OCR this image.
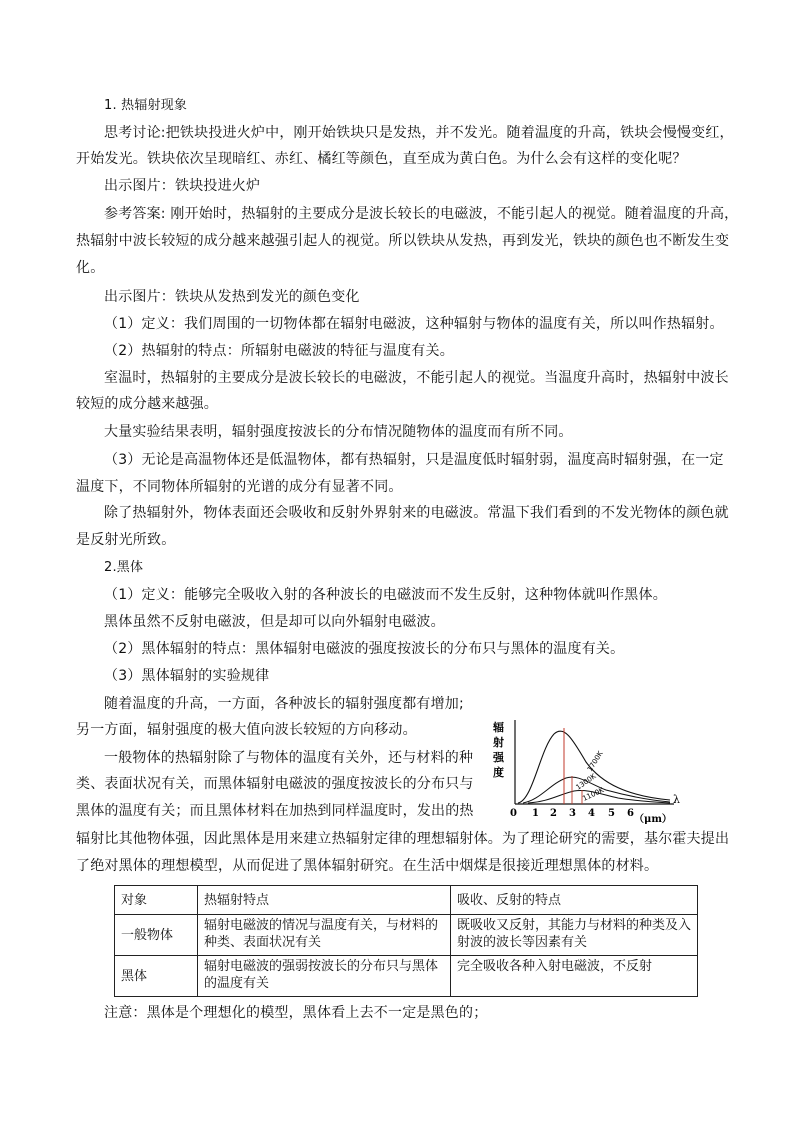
1. 热辐射现象
思考讨论:把铁块投进火炉中，刚开始铁块只是发热，并不发光。随着温度的升高，铁块会慢慢变红，
开始发光。铁块依次呈现暗红、赤红、橘红等颜色，直至成为黄白色。为什么会有这样的变化呢？
出示图片：铁块投进火炉
参考答案: 刚开始时，热辐射的主要成分是波长较长的电磁波，不能引起人的视觉。随着温度的升高，
热辐射中波长较短的成分越来越强引起人的视觉。所以铁块从发热，再到发光，铁块的颜色也不断发生变
化。
出示图片：铁块从发热到发光的颜色变化
（1）定义：我们周围的一切物体都在辐射电磁波，这种辐射与物体的温度有关，所以叫作热辐射。
（2）热辐射的特点：所辐射电磁波的特征与温度有关。
室温时，热辐射的主要成分是波长较长的电磁波，不能引起人的视觉。当温度升高时，热辐射中波长
较短的成分越来越强。
大量实验结果表明，辐射强度按波长的分布情况随物体的温度而有所不同。
（3）无论是高温物体还是低温物体，都有热辐射，只是温度低时辐射弱，温度高时辐射强，在一定
温度下，不同物体所辐射的光谱的成分有显著不同。
除了热辐射外，物体表面还会吸收和反射外界射来的电磁波。常温下我们看到的不发光物体的颜色就
是反射光所致。
2.黑体
（1）定义：能够完全吸收入射的各种波长的电磁波而不发生反射，这种物体就叫作黑体。
黑体虽然不反射电磁波，但是却可以向外辐射电磁波。
（2）黑体辐射的特点：黑体辐射电磁波的强度按波长的分布只与黑体的温度有关。
（3）黑体辐射的实验规律
随着温度的升高，一方面，各种波长的辐射强度都有增加;
另一方面，辐射强度的极大值向波长较短的方向移动。
一般物体的热辐射除了与物体的温度有关外，还与材料的种
类、表面状况有关，而黑体辐射电磁波的强度按波长的分布只与
黑体的温度有关；而且黑体材料在加热到同样温度时，发出的热
辐射比其他物体强，因此黑体是用来建立热辐射定律的理想辐射体。为了理论研究的需要，基尔霍夫提出
了绝对黑体的理想模型，从而促进了黑体辐射研究。在生活中烟煤是很接近理想黑体的材料。
辐
射
强
度	1700K
1300K
1100K	λ
0 1 2 3 4 5 6
（μm）
对象	热辐射特点	吸收、反射的特点
一般物体	辐射电磁波的情况与温度有关，与材料的种类、表面状况有关	既吸收又反射，其能力与材料的种类及入射波的波长等因素有关
黑体	辐射电磁波的强弱按波长的分布只与黑体的温度有关	完全吸收各种入射电磁波，不反射
注意：黑体是个理想化的模型，黑体看上去不一定是黑色的；
